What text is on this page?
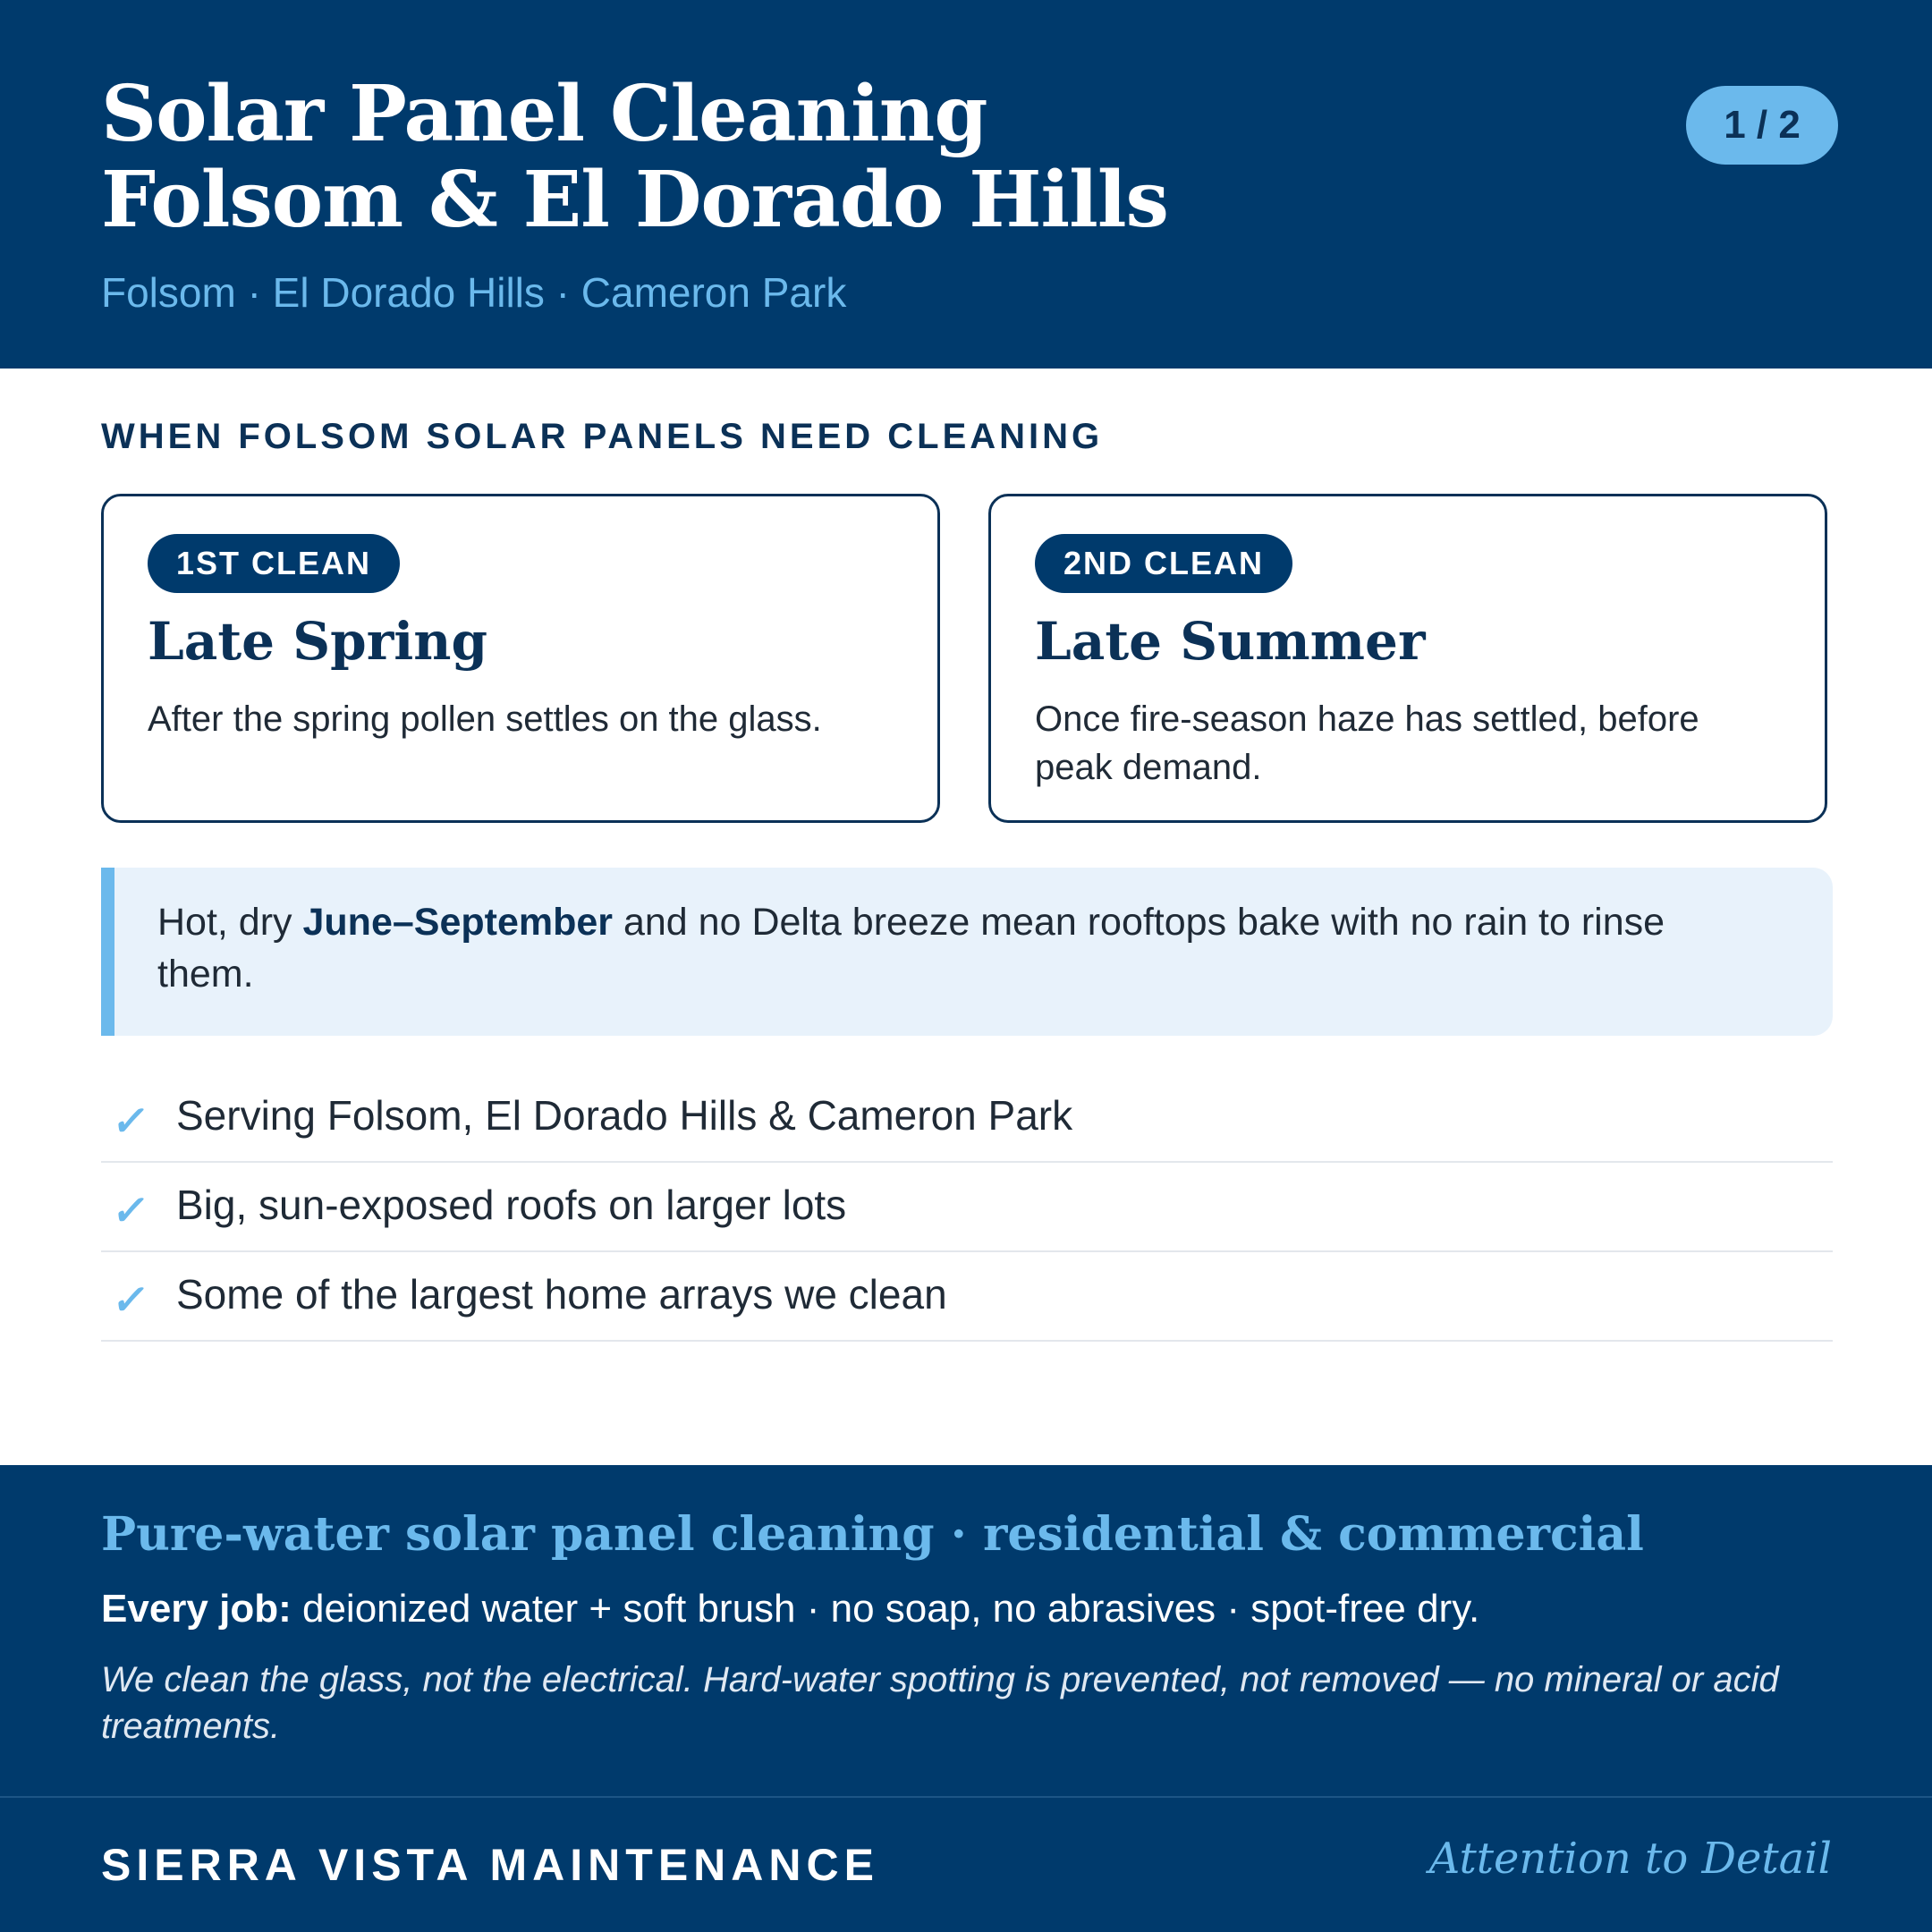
Solar Panel Cleaning
Folsom & El Dorado Hills
Folsom · El Dorado Hills · Cameron Park
1 / 2
WHEN FOLSOM SOLAR PANELS NEED CLEANING
1ST CLEAN
Late Spring
After the spring pollen settles on the glass.
2ND CLEAN
Late Summer
Once fire-season haze has settled, before peak demand.
Hot, dry June–September and no Delta breeze mean rooftops bake with no rain to rinse them.
✓ Serving Folsom, El Dorado Hills & Cameron Park
✓ Big, sun-exposed roofs on larger lots
✓ Some of the largest home arrays we clean
Pure-water solar panel cleaning · residential & commercial
Every job: deionized water + soft brush · no soap, no abrasives · spot-free dry.
We clean the glass, not the electrical. Hard-water spotting is prevented, not removed — no mineral or acid treatments.
SIERRA VISTA MAINTENANCE	Attention to Detail
